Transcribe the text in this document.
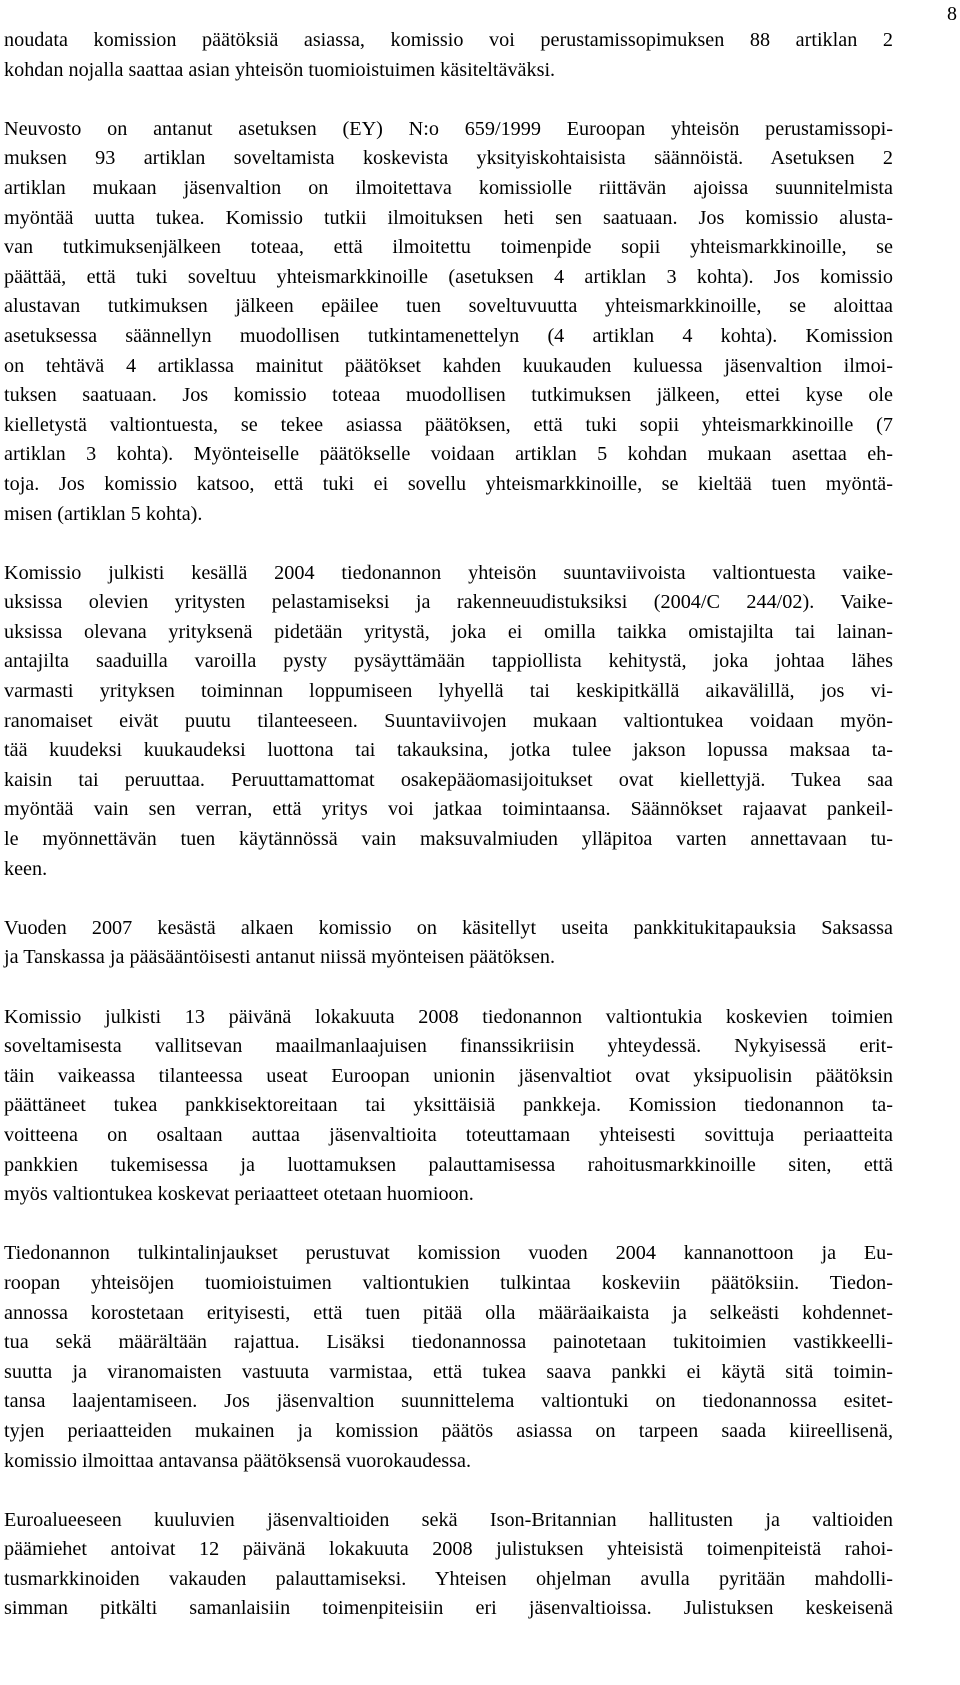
8
noudata komission päätöksiä asiassa, komissio voi perustamissopimuksen 88 artiklan 2
kohdan nojalla saattaa asian yhteisön tuomioistuimen käsiteltäväksi.
Neuvosto on antanut asetuksen (EY) N:o 659/1999 Euroopan yhteisön perustamissopi-
muksen 93 artiklan soveltamista koskevista yksityiskohtaisista säännöistä. Asetuksen 2
artiklan mukaan jäsenvaltion on ilmoitettava komissiolle riittävän ajoissa suunnitelmista
myöntää uutta tukea. Komissio tutkii ilmoituksen heti sen saatuaan. Jos komissio alusta-
van tutkimuksenjälkeen toteaa, että ilmoitettu toimenpide sopii yhteismarkkinoille, se
päättää, että tuki soveltuu yhteismarkkinoille (asetuksen 4 artiklan 3 kohta). Jos komissio
alustavan tutkimuksen jälkeen epäilee tuen soveltuvuutta yhteismarkkinoille, se aloittaa
asetuksessa säännellyn muodollisen tutkintamenettelyn (4 artiklan 4 kohta). Komission
on tehtävä 4 artiklassa mainitut päätökset kahden kuukauden kuluessa jäsenvaltion ilmoi-
tuksen saatuaan. Jos komissio toteaa muodollisen tutkimuksen jälkeen, ettei kyse ole
kielletystä valtiontuesta, se tekee asiassa päätöksen, että tuki sopii yhteismarkkinoille (7
artiklan 3 kohta). Myönteiselle päätökselle voidaan artiklan 5 kohdan mukaan asettaa eh-
toja. Jos komissio katsoo, että tuki ei sovellu yhteismarkkinoille, se kieltää tuen myöntä-
misen (artiklan 5 kohta).
Komissio julkisti kesällä 2004 tiedonannon yhteisön suuntaviivoista valtiontuesta vaike-
uksissa olevien yritysten pelastamiseksi ja rakenneuudistuksiksi (2004/C 244/02). Vaike-
uksissa olevana yrityksenä pidetään yritystä, joka ei omilla taikka omistajilta tai lainan-
antajilta saaduilla varoilla pysty pysäyttämään tappiollista kehitystä, joka johtaa lähes
varmasti yrityksen toiminnan loppumiseen lyhyellä tai keskipitkällä aikavälillä, jos vi-
ranomaiset eivät puutu tilanteeseen. Suuntaviivojen mukaan valtiontukea voidaan myön-
tää kuudeksi kuukaudeksi luottona tai takauksina, jotka tulee jakson lopussa maksaa ta-
kaisin tai peruuttaa. Peruuttamattomat osakepääomasijoitukset ovat kiellettyjä. Tukea saa
myöntää vain sen verran, että yritys voi jatkaa toimintaansa. Säännökset rajaavat pankeil-
le myönnettävän tuen käytännössä vain maksuvalmiuden ylläpitoa varten annettavaan tu-
keen.
Vuoden 2007 kesästä alkaen komissio on käsitellyt useita pankkitukitapauksia Saksassa
ja Tanskassa ja pääsääntöisesti antanut niissä myönteisen päätöksen.
Komissio julkisti 13 päivänä lokakuuta 2008 tiedonannon valtiontukia koskevien toimien
soveltamisesta vallitsevan maailmanlaajuisen finanssikriisin yhteydessä. Nykyisessä erit-
täin vaikeassa tilanteessa useat Euroopan unionin jäsenvaltiot ovat yksipuolisin päätöksin
päättäneet tukea pankkisektoreitaan tai yksittäisiä pankkeja. Komission tiedonannon ta-
voitteena on osaltaan auttaa jäsenvaltioita toteuttamaan yhteisesti sovittuja periaatteita
pankkien tukemisessa ja luottamuksen palauttamisessa rahoitusmarkkinoille siten, että
myös valtiontukea koskevat periaatteet otetaan huomioon.
Tiedonannon tulkintalinjaukset perustuvat komission vuoden 2004 kannanottoon ja Eu-
roopan yhteisöjen tuomioistuimen valtiontukien tulkintaa koskeviin päätöksiin. Tiedon-
annossa korostetaan erityisesti, että tuen pitää olla määräaikaista ja selkeästi kohdennet-
tua sekä määrältään rajattua. Lisäksi tiedonannossa painotetaan tukitoimien vastikkeelli-
suutta ja viranomaisten vastuuta varmistaa, että tukea saava pankki ei käytä sitä toimin-
tansa laajentamiseen. Jos jäsenvaltion suunnittelema valtiontuki on tiedonannossa esitet-
tyjen periaatteiden mukainen ja komission päätös asiassa on tarpeen saada kiireellisenä,
komissio ilmoittaa antavansa päätöksensä vuorokaudessa.
Euroalueeseen kuuluvien jäsenvaltioiden sekä Ison-Britannian hallitusten ja valtioiden
päämiehet antoivat 12 päivänä lokakuuta 2008 julistuksen yhteisistä toimenpiteistä rahoi-
tusmarkkinoiden vakauden palauttamiseksi. Yhteisen ohjelman avulla pyritään mahdolli-
simman pitkälti samanlaisiin toimenpiteisiin eri jäsenvaltioissa. Julistuksen keskeisenä
